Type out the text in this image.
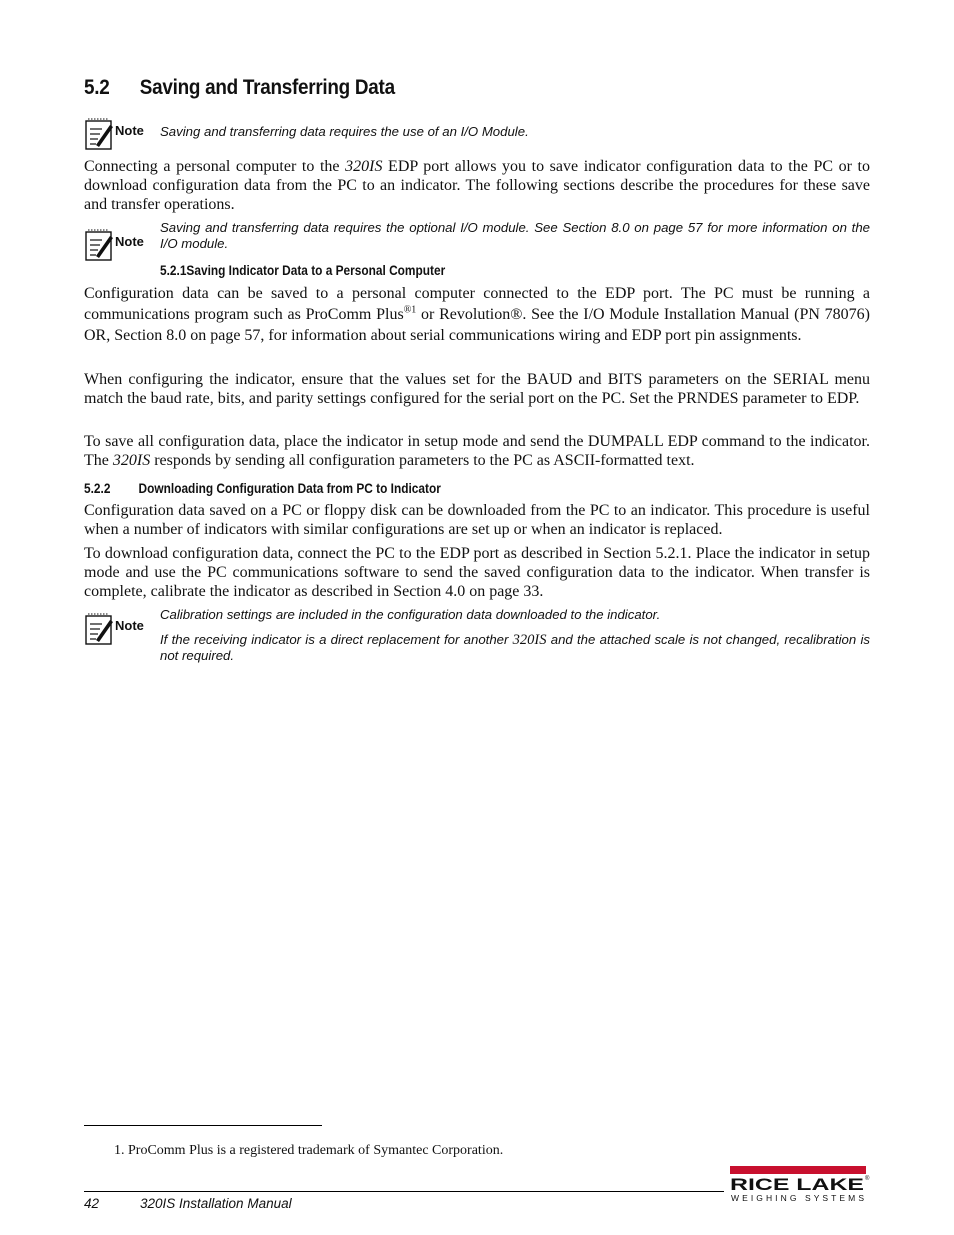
5.2 Saving and Transferring Data
Note Saving and transferring data requires the use of an I/O Module.

Connecting a personal computer to the 320IS EDP port allows you to save indicator configuration data to the PC or to download configuration data from the PC to an indicator. The following sections describe the procedures for these save and transfer operations.

Note
Saving and transferring data requires the optional I/O module. See Section 8.0 on page 57 for more information on the I/O module.
5.2.1Saving Indicator Data to a Personal Computer

Configuration data can be saved to a personal computer connected to the EDP port. The PC must be running a communications program such as ProComm Plus$^{®1}$ or Revolution®. See the I/O Module Installation Manual (PN 78076) OR, Section 8.0 on page 57, for information about serial communications wiring and EDP port pin assignments.

When configuring the indicator, ensure that the values set for the BAUD and BITS parameters on the SERIAL menu match the baud rate, bits, and parity settings configured for the serial port on the PC. Set the PRNDES parameter to EDP.

To save all configuration data, place the indicator in setup mode and send the DUMPALL EDP command to the indicator. The 320IS responds by sending all configuration parameters to the PC as ASCII-formatted text.

5.2.2 Downloading Configuration Data from PC to Indicator

Configuration data saved on a PC or floppy disk can be downloaded from the PC to an indicator. This procedure is useful when a number of indicators with similar configurations are set up or when an indicator is replaced.

To download configuration data, connect the PC to the EDP port as described in Section 5.2.1. Place the indicator in setup mode and use the PC communications software to send the saved configuration data to the indicator. When transfer is complete, calibrate the indicator as described in Section 4.0 on page 33.

Note

Calibration settings are included in the configuration data downloaded to the indicator.

If the receiving indicator is a direct replacement for another 320IS and the attached scale is not changed, recalibration is not required.

1. ProComm Plus is a registered trademark of Symantec Corporation.
42	320IS Installation Manual
RICE LAKE ®
WEIGHING SYSTEMS
